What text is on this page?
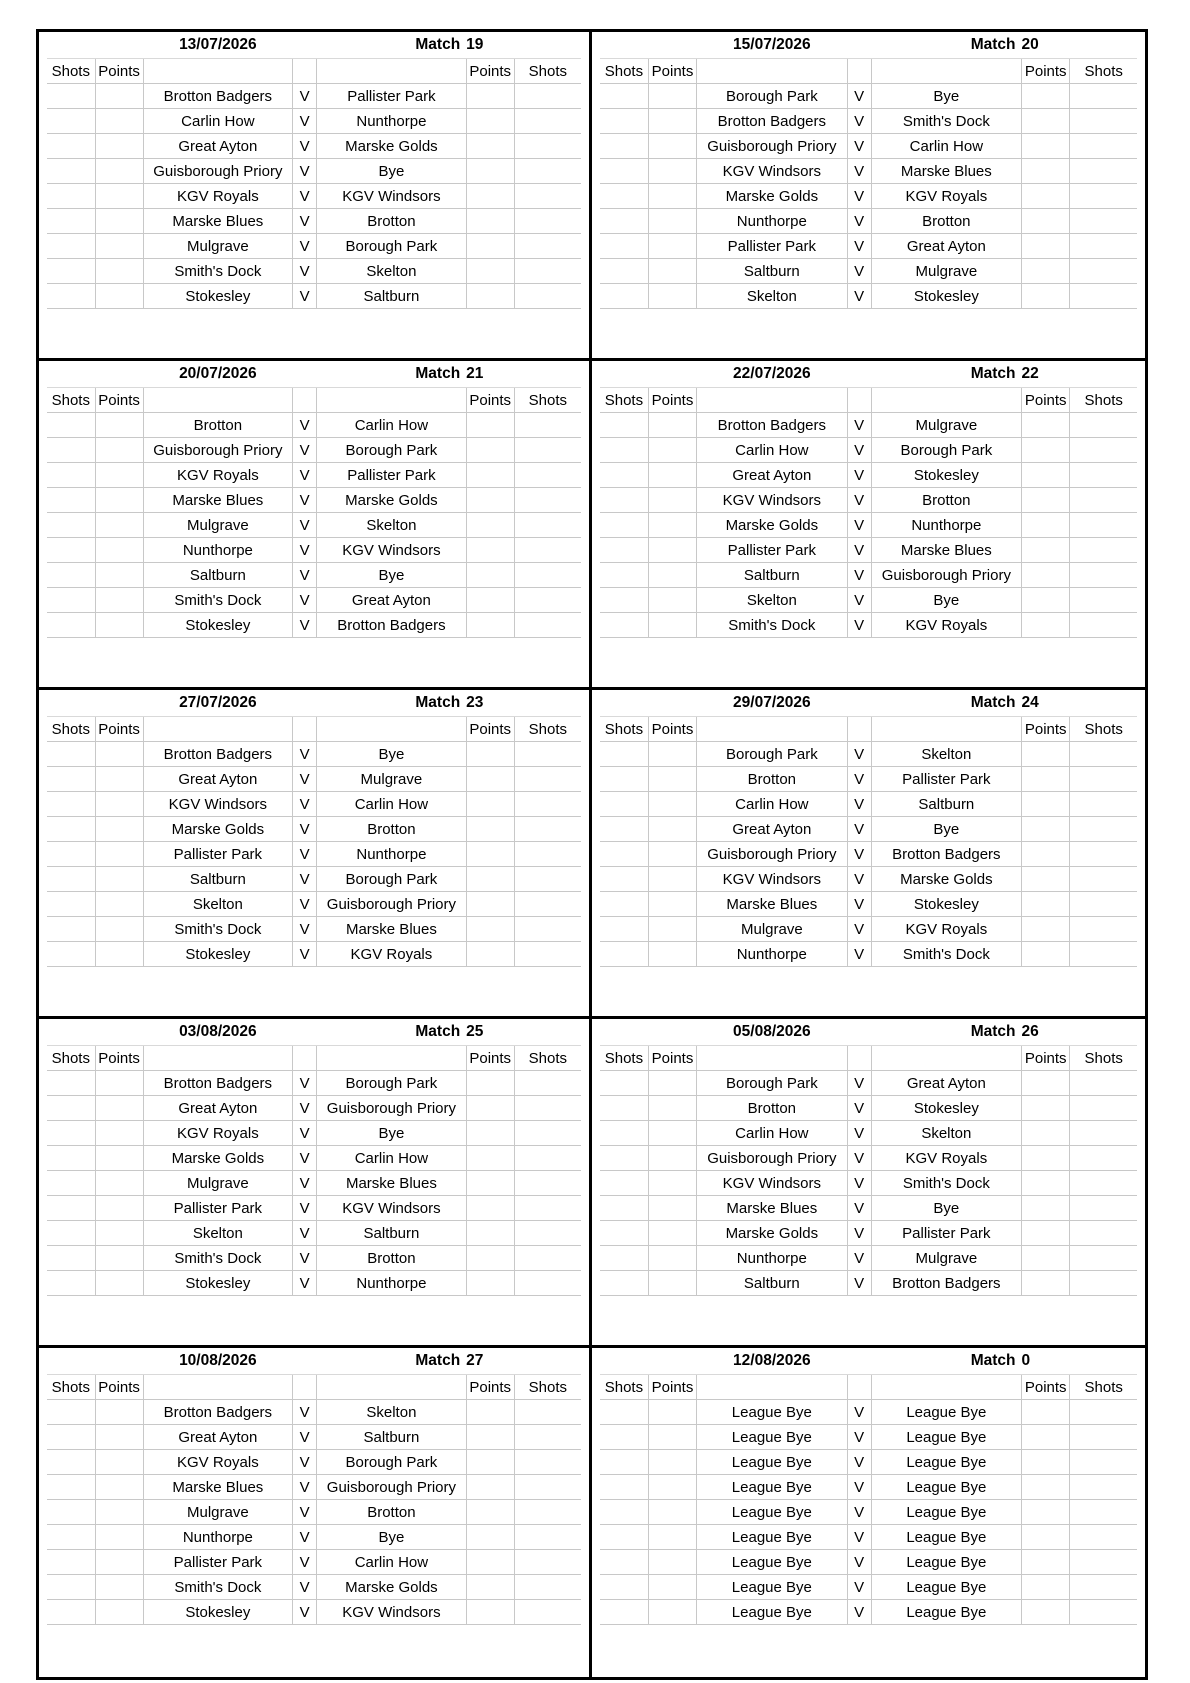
		13/07/2026		Match	19	
Shots	Points				Points	Shots
		Brotton Badgers	V	Pallister Park		
		Carlin How	V	Nunthorpe		
		Great Ayton	V	Marske Golds		
		Guisborough Priory	V	Bye		
		KGV Royals	V	KGV Windsors		
		Marske Blues	V	Brotton		
		Mulgrave	V	Borough Park		
		Smith's Dock	V	Skelton		
		Stokesley	V	Saltburn		
		15/07/2026		Match	20	
Shots	Points				Points	Shots
		Borough Park	V	Bye		
		Brotton Badgers	V	Smith's Dock		
		Guisborough Priory	V	Carlin How		
		KGV Windsors	V	Marske Blues		
		Marske Golds	V	KGV Royals		
		Nunthorpe	V	Brotton		
		Pallister Park	V	Great Ayton		
		Saltburn	V	Mulgrave		
		Skelton	V	Stokesley		
		20/07/2026		Match	21	
Shots	Points				Points	Shots
		Brotton	V	Carlin How		
		Guisborough Priory	V	Borough Park		
		KGV Royals	V	Pallister Park		
		Marske Blues	V	Marske Golds		
		Mulgrave	V	Skelton		
		Nunthorpe	V	KGV Windsors		
		Saltburn	V	Bye		
		Smith's Dock	V	Great Ayton		
		Stokesley	V	Brotton Badgers		
		22/07/2026		Match	22	
Shots	Points				Points	Shots
		Brotton Badgers	V	Mulgrave		
		Carlin How	V	Borough Park		
		Great Ayton	V	Stokesley		
		KGV Windsors	V	Brotton		
		Marske Golds	V	Nunthorpe		
		Pallister Park	V	Marske Blues		
		Saltburn	V	Guisborough Priory		
		Skelton	V	Bye		
		Smith's Dock	V	KGV Royals		
		27/07/2026		Match	23	
Shots	Points				Points	Shots
		Brotton Badgers	V	Bye		
		Great Ayton	V	Mulgrave		
		KGV Windsors	V	Carlin How		
		Marske Golds	V	Brotton		
		Pallister Park	V	Nunthorpe		
		Saltburn	V	Borough Park		
		Skelton	V	Guisborough Priory		
		Smith's Dock	V	Marske Blues		
		Stokesley	V	KGV Royals		
		29/07/2026		Match	24	
Shots	Points				Points	Shots
		Borough Park	V	Skelton		
		Brotton	V	Pallister Park		
		Carlin How	V	Saltburn		
		Great Ayton	V	Bye		
		Guisborough Priory	V	Brotton Badgers		
		KGV Windsors	V	Marske Golds		
		Marske Blues	V	Stokesley		
		Mulgrave	V	KGV Royals		
		Nunthorpe	V	Smith's Dock		
		03/08/2026		Match	25	
Shots	Points				Points	Shots
		Brotton Badgers	V	Borough Park		
		Great Ayton	V	Guisborough Priory		
		KGV Royals	V	Bye		
		Marske Golds	V	Carlin How		
		Mulgrave	V	Marske Blues		
		Pallister Park	V	KGV Windsors		
		Skelton	V	Saltburn		
		Smith's Dock	V	Brotton		
		Stokesley	V	Nunthorpe		
		05/08/2026		Match	26	
Shots	Points				Points	Shots
		Borough Park	V	Great Ayton		
		Brotton	V	Stokesley		
		Carlin How	V	Skelton		
		Guisborough Priory	V	KGV Royals		
		KGV Windsors	V	Smith's Dock		
		Marske Blues	V	Bye		
		Marske Golds	V	Pallister Park		
		Nunthorpe	V	Mulgrave		
		Saltburn	V	Brotton Badgers		
		10/08/2026		Match	27	
Shots	Points				Points	Shots
		Brotton Badgers	V	Skelton		
		Great Ayton	V	Saltburn		
		KGV Royals	V	Borough Park		
		Marske Blues	V	Guisborough Priory		
		Mulgrave	V	Brotton		
		Nunthorpe	V	Bye		
		Pallister Park	V	Carlin How		
		Smith's Dock	V	Marske Golds		
		Stokesley	V	KGV Windsors		
		12/08/2026		Match	0	
Shots	Points				Points	Shots
		League Bye	V	League Bye		
		League Bye	V	League Bye		
		League Bye	V	League Bye		
		League Bye	V	League Bye		
		League Bye	V	League Bye		
		League Bye	V	League Bye		
		League Bye	V	League Bye		
		League Bye	V	League Bye		
		League Bye	V	League Bye		
